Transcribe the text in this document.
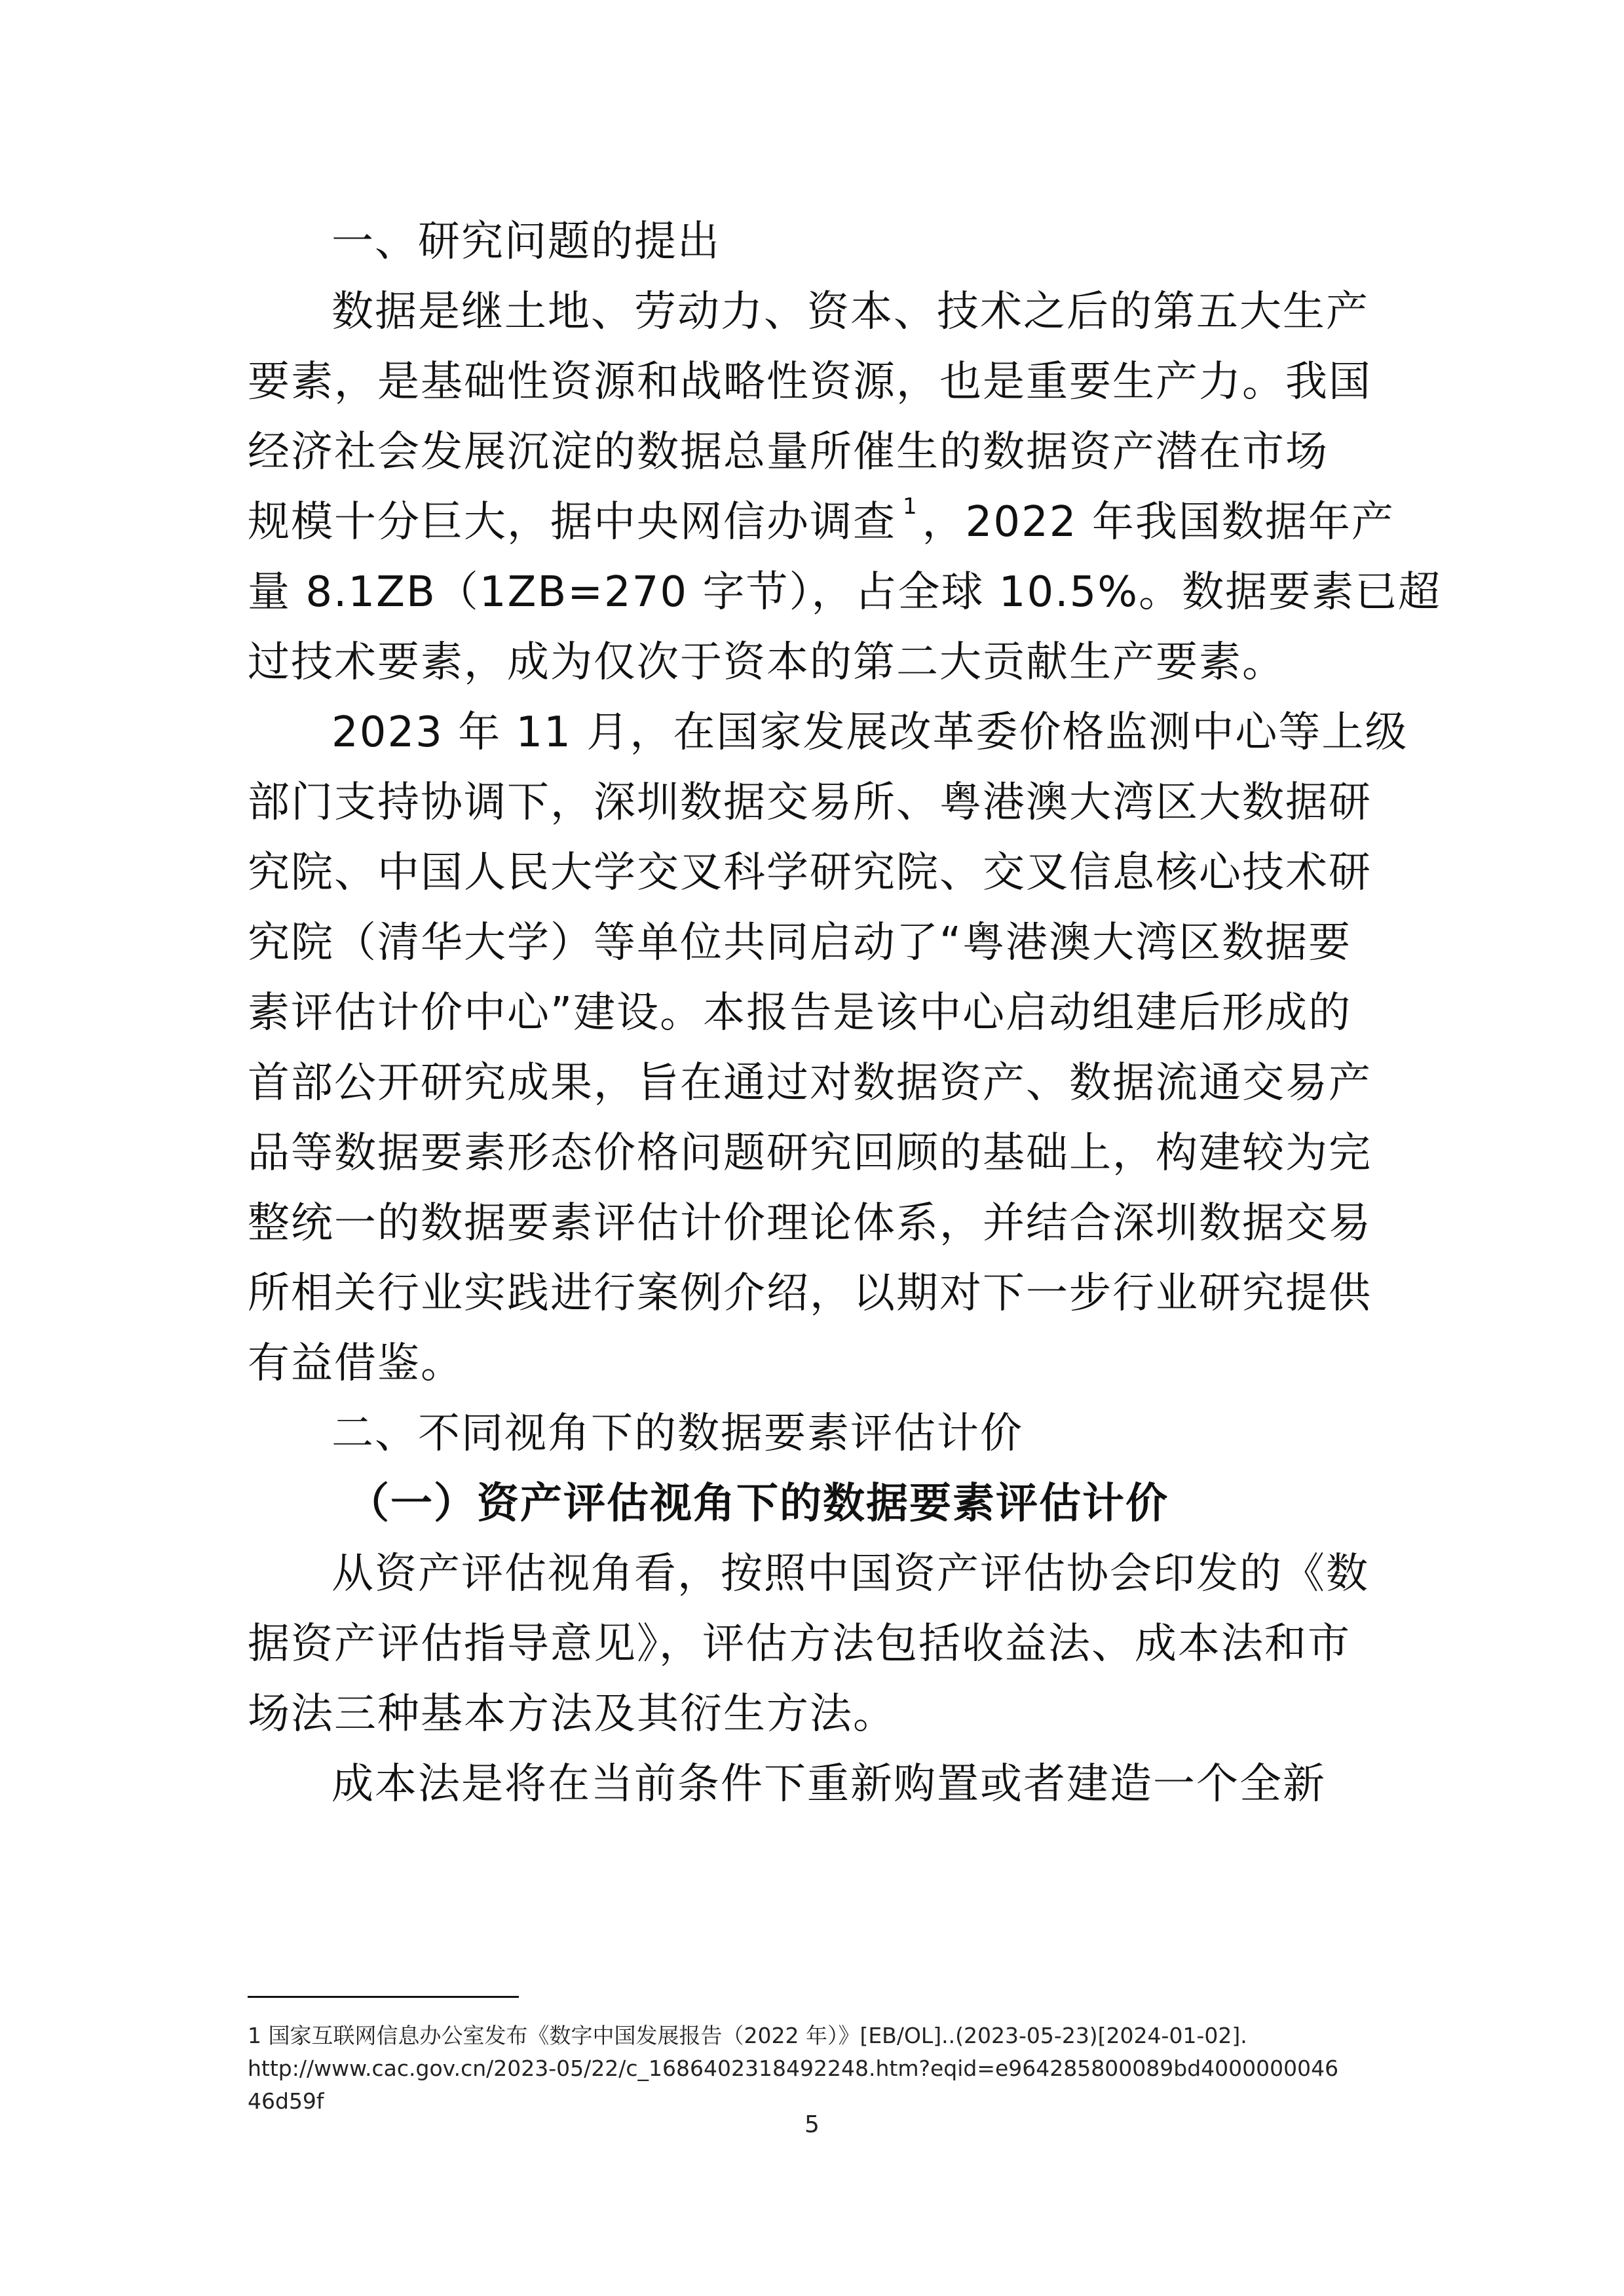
一、研究问题的提出
数据是继土地、劳动力、资本、技术之后的第五大生产
要素，是基础性资源和战略性资源，也是重要生产力。我国
经济社会发展沉淀的数据总量所催生的数据资产潜在市场
规模十分巨大，据中央网信办调查 $^1$，2022 年我国数据年产
量 8.1ZB（1ZB=270 字节），占全球 10.5%。数据要素已超
过技术要素，成为仅次于资本的第二大贡献生产要素。
2023 年 11 月，在国家发展改革委价格监测中心等上级
部门支持协调下，深圳数据交易所、粤港澳大湾区大数据研
究院、中国人民大学交叉科学研究院、交叉信息核心技术研
究院（清华大学）等单位共同启动了“粤港澳大湾区数据要
素评估计价中心”建设。本报告是该中心启动组建后形成的
首部公开研究成果，旨在通过对数据资产、数据流通交易产
品等数据要素形态价格问题研究回顾的基础上，构建较为完
整统一的数据要素评估计价理论体系，并结合深圳数据交易
所相关行业实践进行案例介绍，以期对下一步行业研究提供
有益借鉴。
二、不同视角下的数据要素评估计价
（一）资产评估视角下的数据要素评估计价
从资产评估视角看，按照中国资产评估协会印发的《数
据资产评估指导意见》，评估方法包括收益法、成本法和市
场法三种基本方法及其衍生方法。
成本法是将在当前条件下重新购置或者建造一个全新
1 国家互联网信息办公室发布《数字中国发展报告（2022 年）》[EB/OL]..(2023-05-23)[2024-01-02].
http://www.cac.gov.cn/2023-05/22/c_1686402318492248.htm?eqid=e964285800089bd4000000046
46d59f
5
